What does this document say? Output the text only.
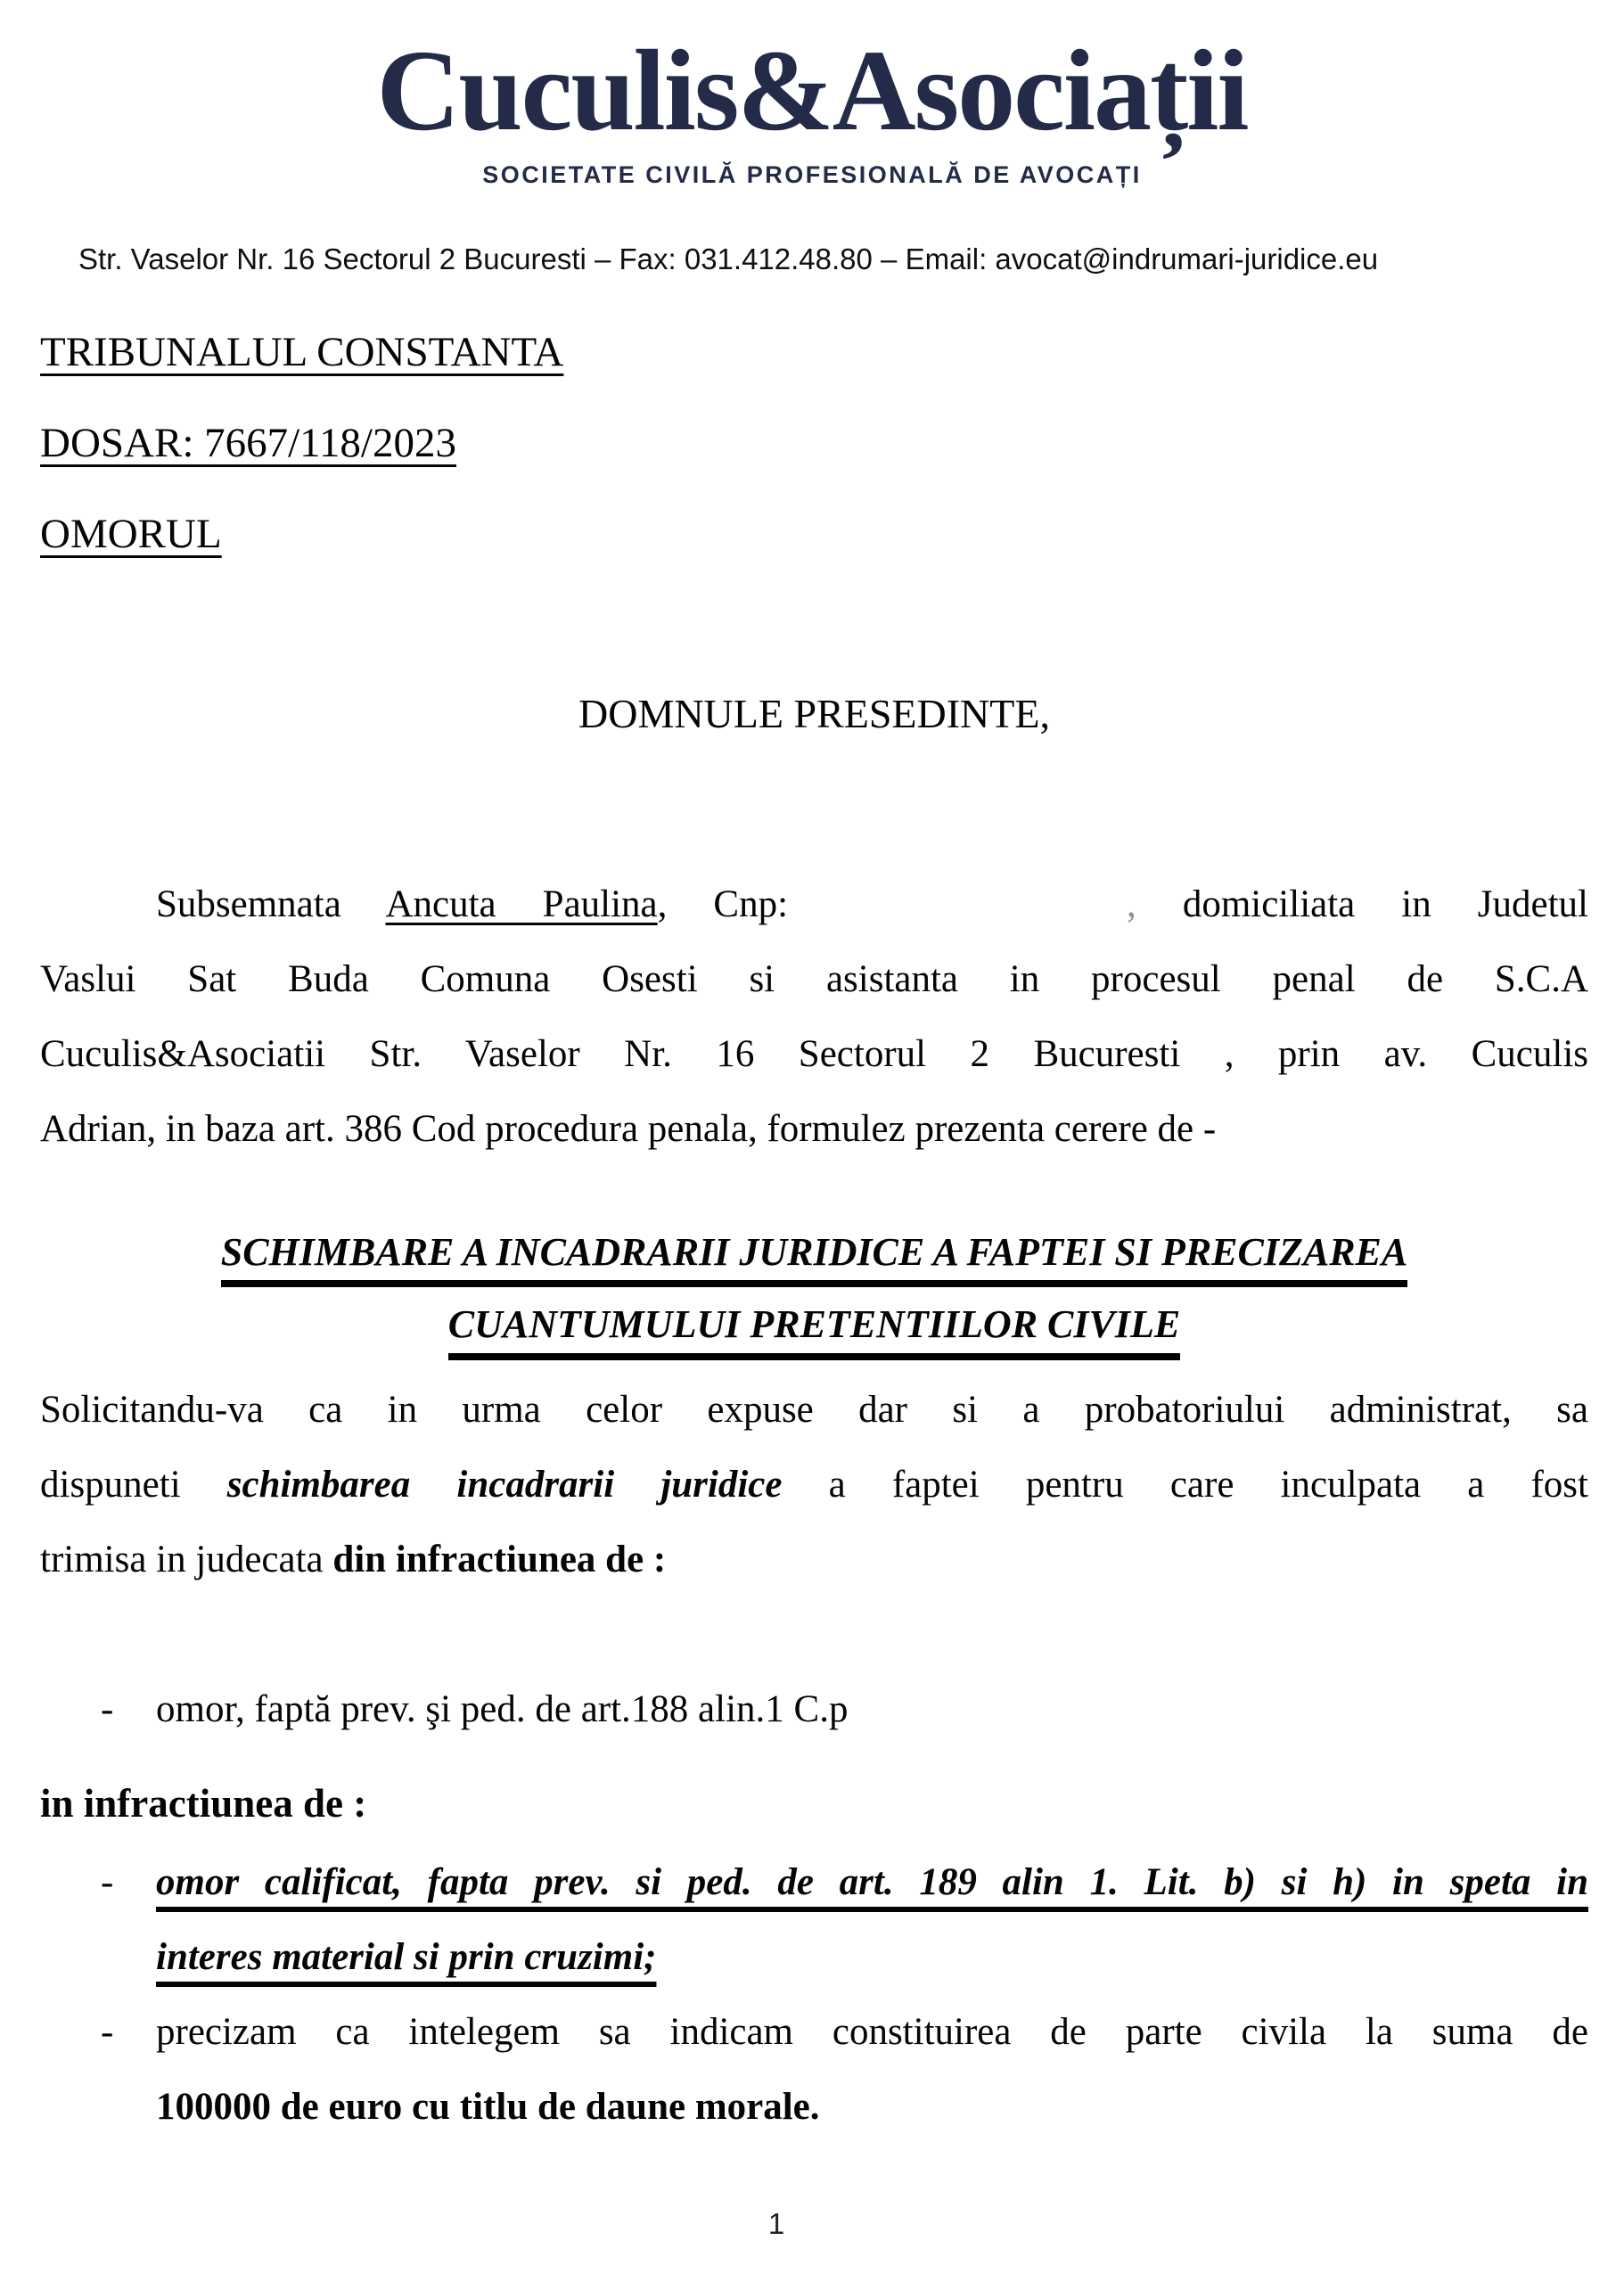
Cuculis&Asociații
SOCIETATE CIVILĂ PROFESIONALĂ DE AVOCAȚI
Str. Vaselor Nr. 16 Sectorul 2 Bucuresti – Fax: 031.412.48.80 – Email: avocat@indrumari-juridice.eu
TRIBUNALUL CONSTANTA
DOSAR: 7667/118/2023
OMORUL
DOMNULE PRESEDINTE,
Subsemnata Ancuta Paulina, Cnp:	, domiciliata in Judetul
Vaslui Sat Buda Comuna Osesti si asistanta in procesul penal de S.C.A
Cuculis&Asociatii Str. Vaselor Nr. 16 Sectorul 2 Bucuresti , prin av. Cuculis
Adrian, in baza art. 386 Cod procedura penala, formulez prezenta cerere de -
SCHIMBARE A INCADRARII JURIDICE A FAPTEI SI PRECIZAREA
CUANTUMULUI PRETENTIILOR CIVILE
Solicitandu-va ca in urma celor expuse dar si a probatoriului administrat, sa
dispuneti schimbarea incadrarii juridice a faptei pentru care inculpata a fost
trimisa in judecata din infractiunea de :
- omor, faptă prev. şi ped. de art.188 alin.1 C.p
in infractiunea de :
- omor calificat, fapta prev. si ped. de art. 189 alin 1. Lit. b) si h) in speta in
interes material si prin cruzimi;
- precizam ca intelegem sa indicam constituirea de parte civila la suma de
100000 de euro cu titlu de daune morale.
1
